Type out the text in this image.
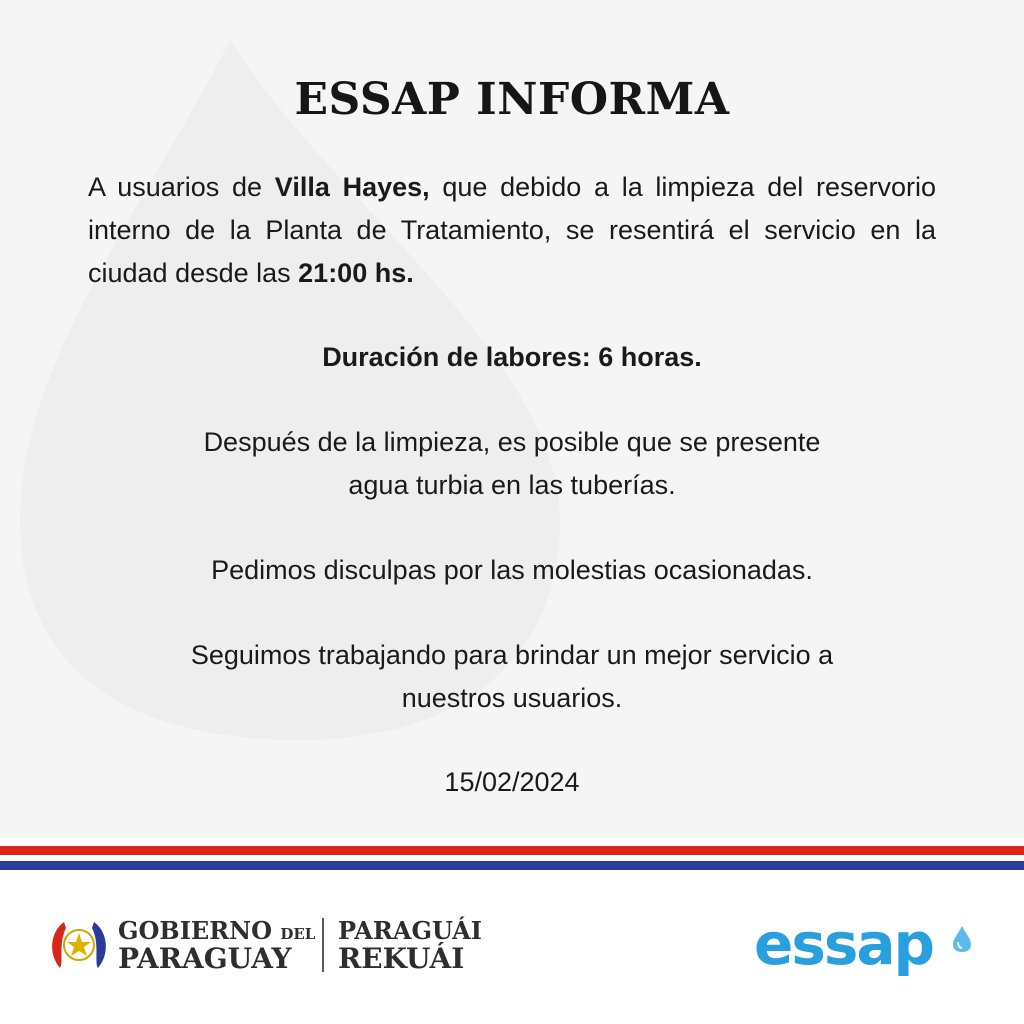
ESSAP INFORMA
A usuarios de Villa Hayes, que debido a la limpieza del reservorio interno de la Planta de Tratamiento, se resentirá el servicio en la ciudad desde las 21:00 hs.
Duración de labores: 6 horas.
Después de la limpieza, es posible que se presente
agua turbia en las tuberías.
Pedimos disculpas por las molestias ocasionadas.
Seguimos trabajando para brindar un mejor servicio a
nuestros usuarios.
15/02/2024
GOBIERNO DEL
PARAGUAY
PARAGUÁI
REKUÁI	essap
